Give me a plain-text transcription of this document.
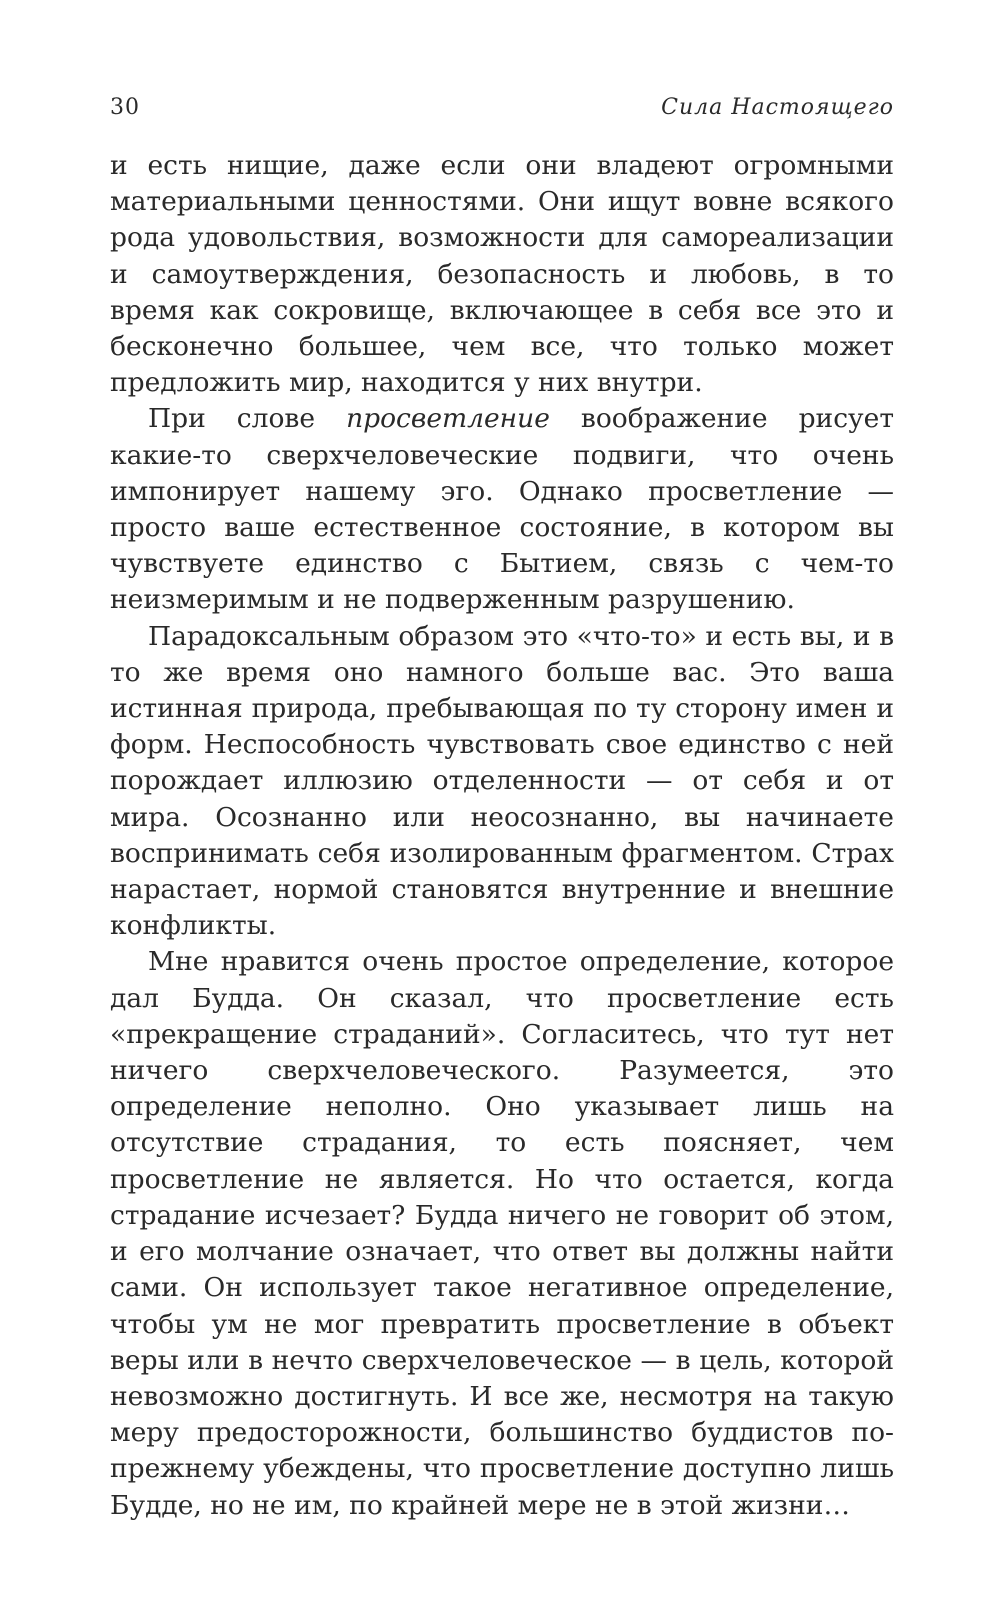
30	Сила Настоящего

и есть нищие, даже если они владеют огромными материальными ценностями. Они ищут вовне всякого рода удовольствия, возможности для самореализации и самоутверждения, безопасность и любовь, в то время как сокровище, включающее в себя все это и бесконечно большее, чем все, что только может предложить мир, находится у них внутри.

При слове просветление воображение рисует какие-то сверхчеловеческие подвиги, что очень импонирует нашему эго. Однако просветление — просто ваше естественное состояние, в котором вы чувствуете единство с Бытием, связь с чем-то неизмеримым и не подверженным разрушению.

Парадоксальным образом это «что-то» и есть вы, и в то же время оно намного больше вас. Это ваша истинная природа, пребывающая по ту сторону имен и форм. Неспособность чувствовать свое единство с ней порождает иллюзию отделенности — от себя и от мира. Осознанно или неосознанно, вы начинаете воспринимать себя изолированным фрагментом. Страх нарастает, нормой становятся внутренние и внешние конфликты.

Мне нравится очень простое определение, которое дал Будда. Он сказал, что просветление есть «прекращение страданий». Согласитесь, что тут нет ничего сверхчеловеческого. Разумеется, это определение неполно. Оно указывает лишь на отсутствие страдания, то есть поясняет, чем просветление не является. Но что остается, когда страдание исчезает? Будда ничего не говорит об этом, и его молчание означает, что ответ вы должны найти сами. Он использует такое негативное определение, чтобы ум не мог превратить просветление в объект веры или в нечто сверхчеловеческое — в цель, которой невозможно достигнуть. И все же, несмотря на такую меру предосторожности, большинство буддистов по-прежнему убеждены, что просветление доступно лишь Будде, но не им, по крайней мере не в этой жизни…
